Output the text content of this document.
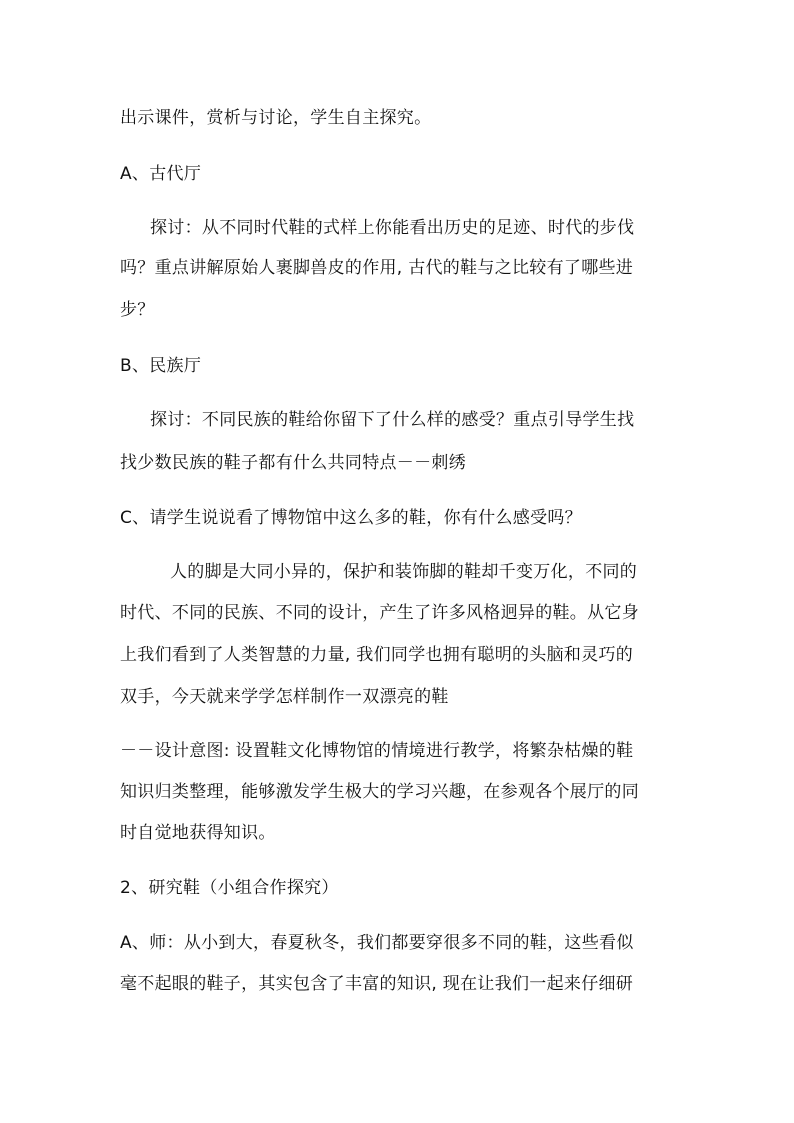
出示课件，赏析与讨论，学生自主探究。
A、古代厅
探讨：从不同时代鞋的式样上你能看出历史的足迹、时代的步伐
吗？重点讲解原始人裹脚兽皮的作用, 古代的鞋与之比较有了哪些进
步？
B、民族厅
探讨：不同民族的鞋给你留下了什么样的感受？重点引导学生找
找少数民族的鞋子都有什么共同特点－－刺绣
C、请学生说说看了博物馆中这么多的鞋，你有什么感受吗？
人的脚是大同小异的，保护和装饰脚的鞋却千变万化，不同的
时代、不同的民族、不同的设计，产生了许多风格迥异的鞋。从它身
上我们看到了人类智慧的力量, 我们同学也拥有聪明的头脑和灵巧的
双手，今天就来学学怎样制作一双漂亮的鞋
－－设计意图: 设置鞋文化博物馆的情境进行教学，将繁杂枯燥的鞋
知识归类整理，能够激发学生极大的学习兴趣，在参观各个展厅的同
时自觉地获得知识。
2、研究鞋（小组合作探究）
A、师：从小到大，春夏秋冬，我们都要穿很多不同的鞋，这些看似
毫不起眼的鞋子，其实包含了丰富的知识, 现在让我们一起来仔细研
